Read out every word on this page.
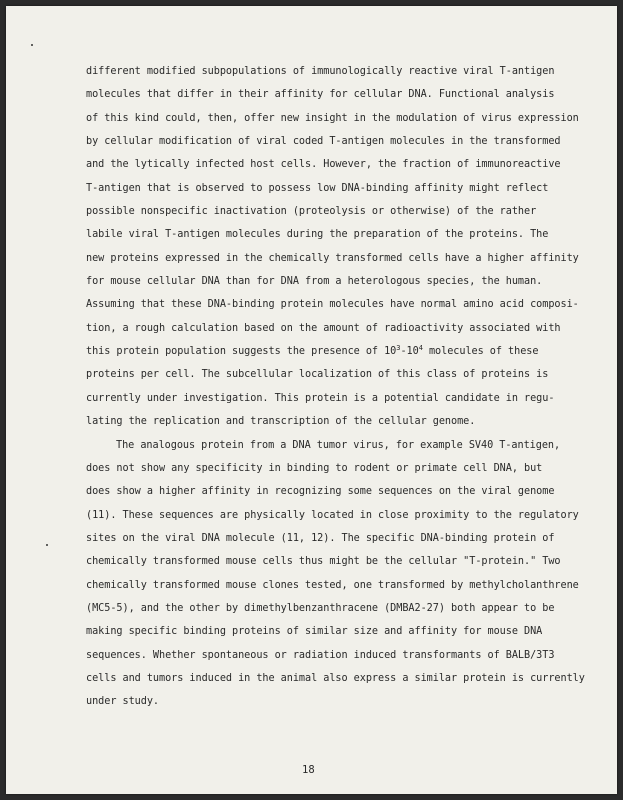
different modified subpopulations of immunologically reactive viral T-antigen
molecules that differ in their affinity for cellular DNA. Functional analysis
of this kind could, then, offer new insight in the modulation of virus expression
by cellular modification of viral coded T-antigen molecules in the transformed
and the lytically infected host cells. However, the fraction of immunoreactive
T-antigen that is observed to possess low DNA-binding affinity might reflect
possible nonspecific inactivation (proteolysis or otherwise) of the rather
labile viral T-antigen molecules during the preparation of the proteins. The
new proteins expressed in the chemically transformed cells have a higher affinity
for mouse cellular DNA than for DNA from a heterologous species, the human.
Assuming that these DNA-binding protein molecules have normal amino acid composi-
tion, a rough calculation based on the amount of radioactivity associated with
this protein population suggests the presence of $10^3-10^4$ molecules of these
proteins per cell. The subcellular localization of this class of proteins is
currently under investigation. This protein is a potential candidate in regu-
lating the replication and transcription of the cellular genome.
The analogous protein from a DNA tumor virus, for example SV40 T-antigen,
does not show any specificity in binding to rodent or primate cell DNA, but
does show a higher affinity in recognizing some sequences on the viral genome
(11). These sequences are physically located in close proximity to the regulatory
sites on the viral DNA molecule (11, 12). The specific DNA-binding protein of
chemically transformed mouse cells thus might be the cellular "T-protein." Two
chemically transformed mouse clones tested, one transformed by methylcholanthrene
(MC5-5), and the other by dimethylbenzanthracene (DMBA2-27) both appear to be
making specific binding proteins of similar size and affinity for mouse DNA
sequences. Whether spontaneous or radiation induced transformants of BALB/3T3
cells and tumors induced in the animal also express a similar protein is currently
under study.
18
